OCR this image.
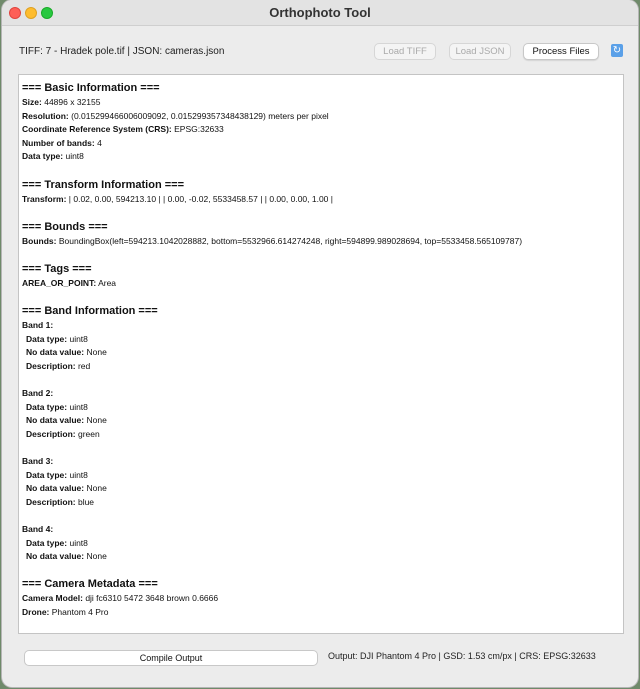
Orthophoto Tool
TIFF: 7 - Hradek pole.tif | JSON: cameras.json	Load TIFF	Load JSON	Process Files	↻

=== Basic Information ===

Size: 44896 x 32155

Resolution: (0.015299466006009092, 0.015299357348438129) meters per pixel

Coordinate Reference System (CRS): EPSG:32633

Number of bands: 4

Data type: uint8

=== Transform Information ===

Transform: | 0.02, 0.00, 594213.10 | | 0.00, -0.02, 5533458.57 | | 0.00, 0.00, 1.00 |

=== Bounds ===

Bounds: BoundingBox(left=594213.1042028882, bottom=5532966.614274248, right=594899.989028694, top=5533458.565109787)

=== Tags ===

AREA_OR_POINT: Area

=== Band Information ===

Band 1:

Data type: uint8

No data value: None

Description: red

Band 2:

Data type: uint8

No data value: None

Description: green

Band 3:

Data type: uint8

No data value: None

Description: blue

Band 4:

Data type: uint8

No data value: None

=== Camera Metadata ===

Camera Model: dji fc6310 5472 3648 brown 0.6666

Drone: Phantom 4 Pro

Compile Output	Output: DJI Phantom 4 Pro | GSD: 1.53 cm/px | CRS: EPSG:32633
